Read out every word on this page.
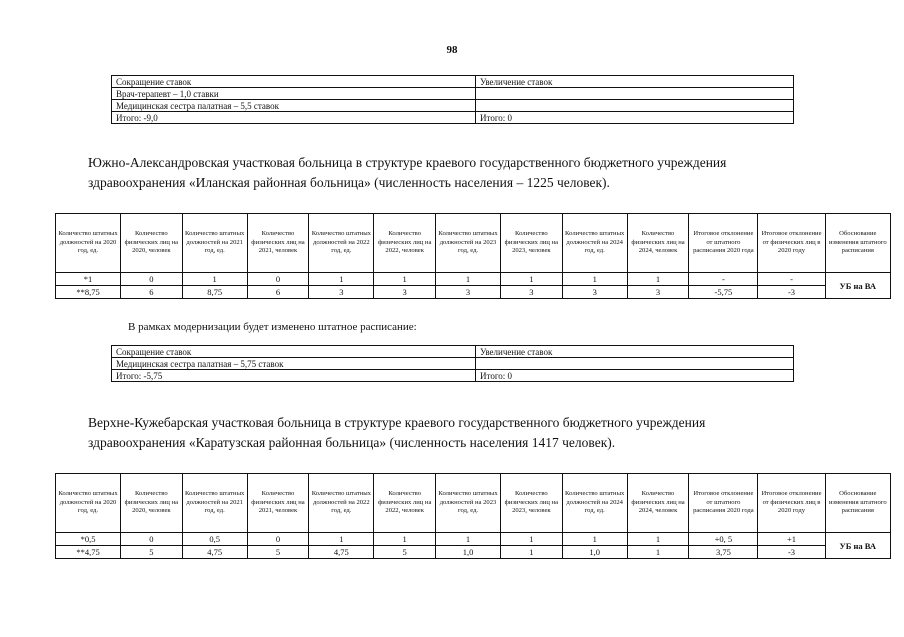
98
Сокращение ставок	Увеличение ставок
Врач-терапевт – 1,0 ставки	
Медицинская сестра палатная – 5,5 ставок	
Итого: -9,0	Итого: 0
Южно-Александровская участковая больница в структуре краевого государственного бюджетного учреждения
здравоохранения «Иланская районная больница» (численность населения – 1225 человек).
Количество штатных должностей на 2020 год, ед.	Количество физических лиц на 2020, человек	Количество штатных должностей на 2021 год, ед.	Количество физических лиц на 2021, человек	Количество штатных должностей на 2022 год, ед.	Количество физических лиц на 2022, человек	Количество штатных должностей на 2023 год, ед.	Количество физических лиц на 2023, человек	Количество штатных должностей на 2024 год, ед.	Количество физических лиц на 2024, человек	Итоговое отклонение от штатного расписания 2020 года	Итоговое отклонение от физических лиц в 2020 году	Обоснование изменения штатного расписания
*1	0	1	0	1	1	1	1	1	1	-	-	УБ на ВА
**8,75	6	8,75	6	3	3	3	3	3	3	-5,75	-3	
В рамках модернизации будет изменено штатное расписание:
Сокращение ставок	Увеличение ставок
Медицинская сестра палатная – 5,75 ставок	
Итого: -5,75	Итого: 0
Верхне-Кужебарская участковая больница в структуре краевого государственного бюджетного учреждения
здравоохранения «Каратузская районная больница» (численность населения 1417 человек).
Количество штатных должностей на 2020 год, ед.	Количество физических лиц на 2020, человек	Количество штатных должностей на 2021 год, ед.	Количество физических лиц на 2021, человек	Количество штатных должностей на 2022 год, ед.	Количество физических лиц на 2022, человек	Количество штатных должностей на 2023 год, ед.	Количество физических лиц на 2023, человек	Количество штатных должностей на 2024 год, ед.	Количество физических лиц на 2024, человек	Итоговое отклонение от штатного расписания 2020 года	Итоговое отклонение от физических лиц в 2020 году	Обоснование изменения штатного расписания
*0,5	0	0,5	0	1	1	1	1	1	1	+0, 5	+1	УБ на ВА
**4,75	5	4,75	5	4,75	5	1,0	1	1,0	1	3,75	-3	
